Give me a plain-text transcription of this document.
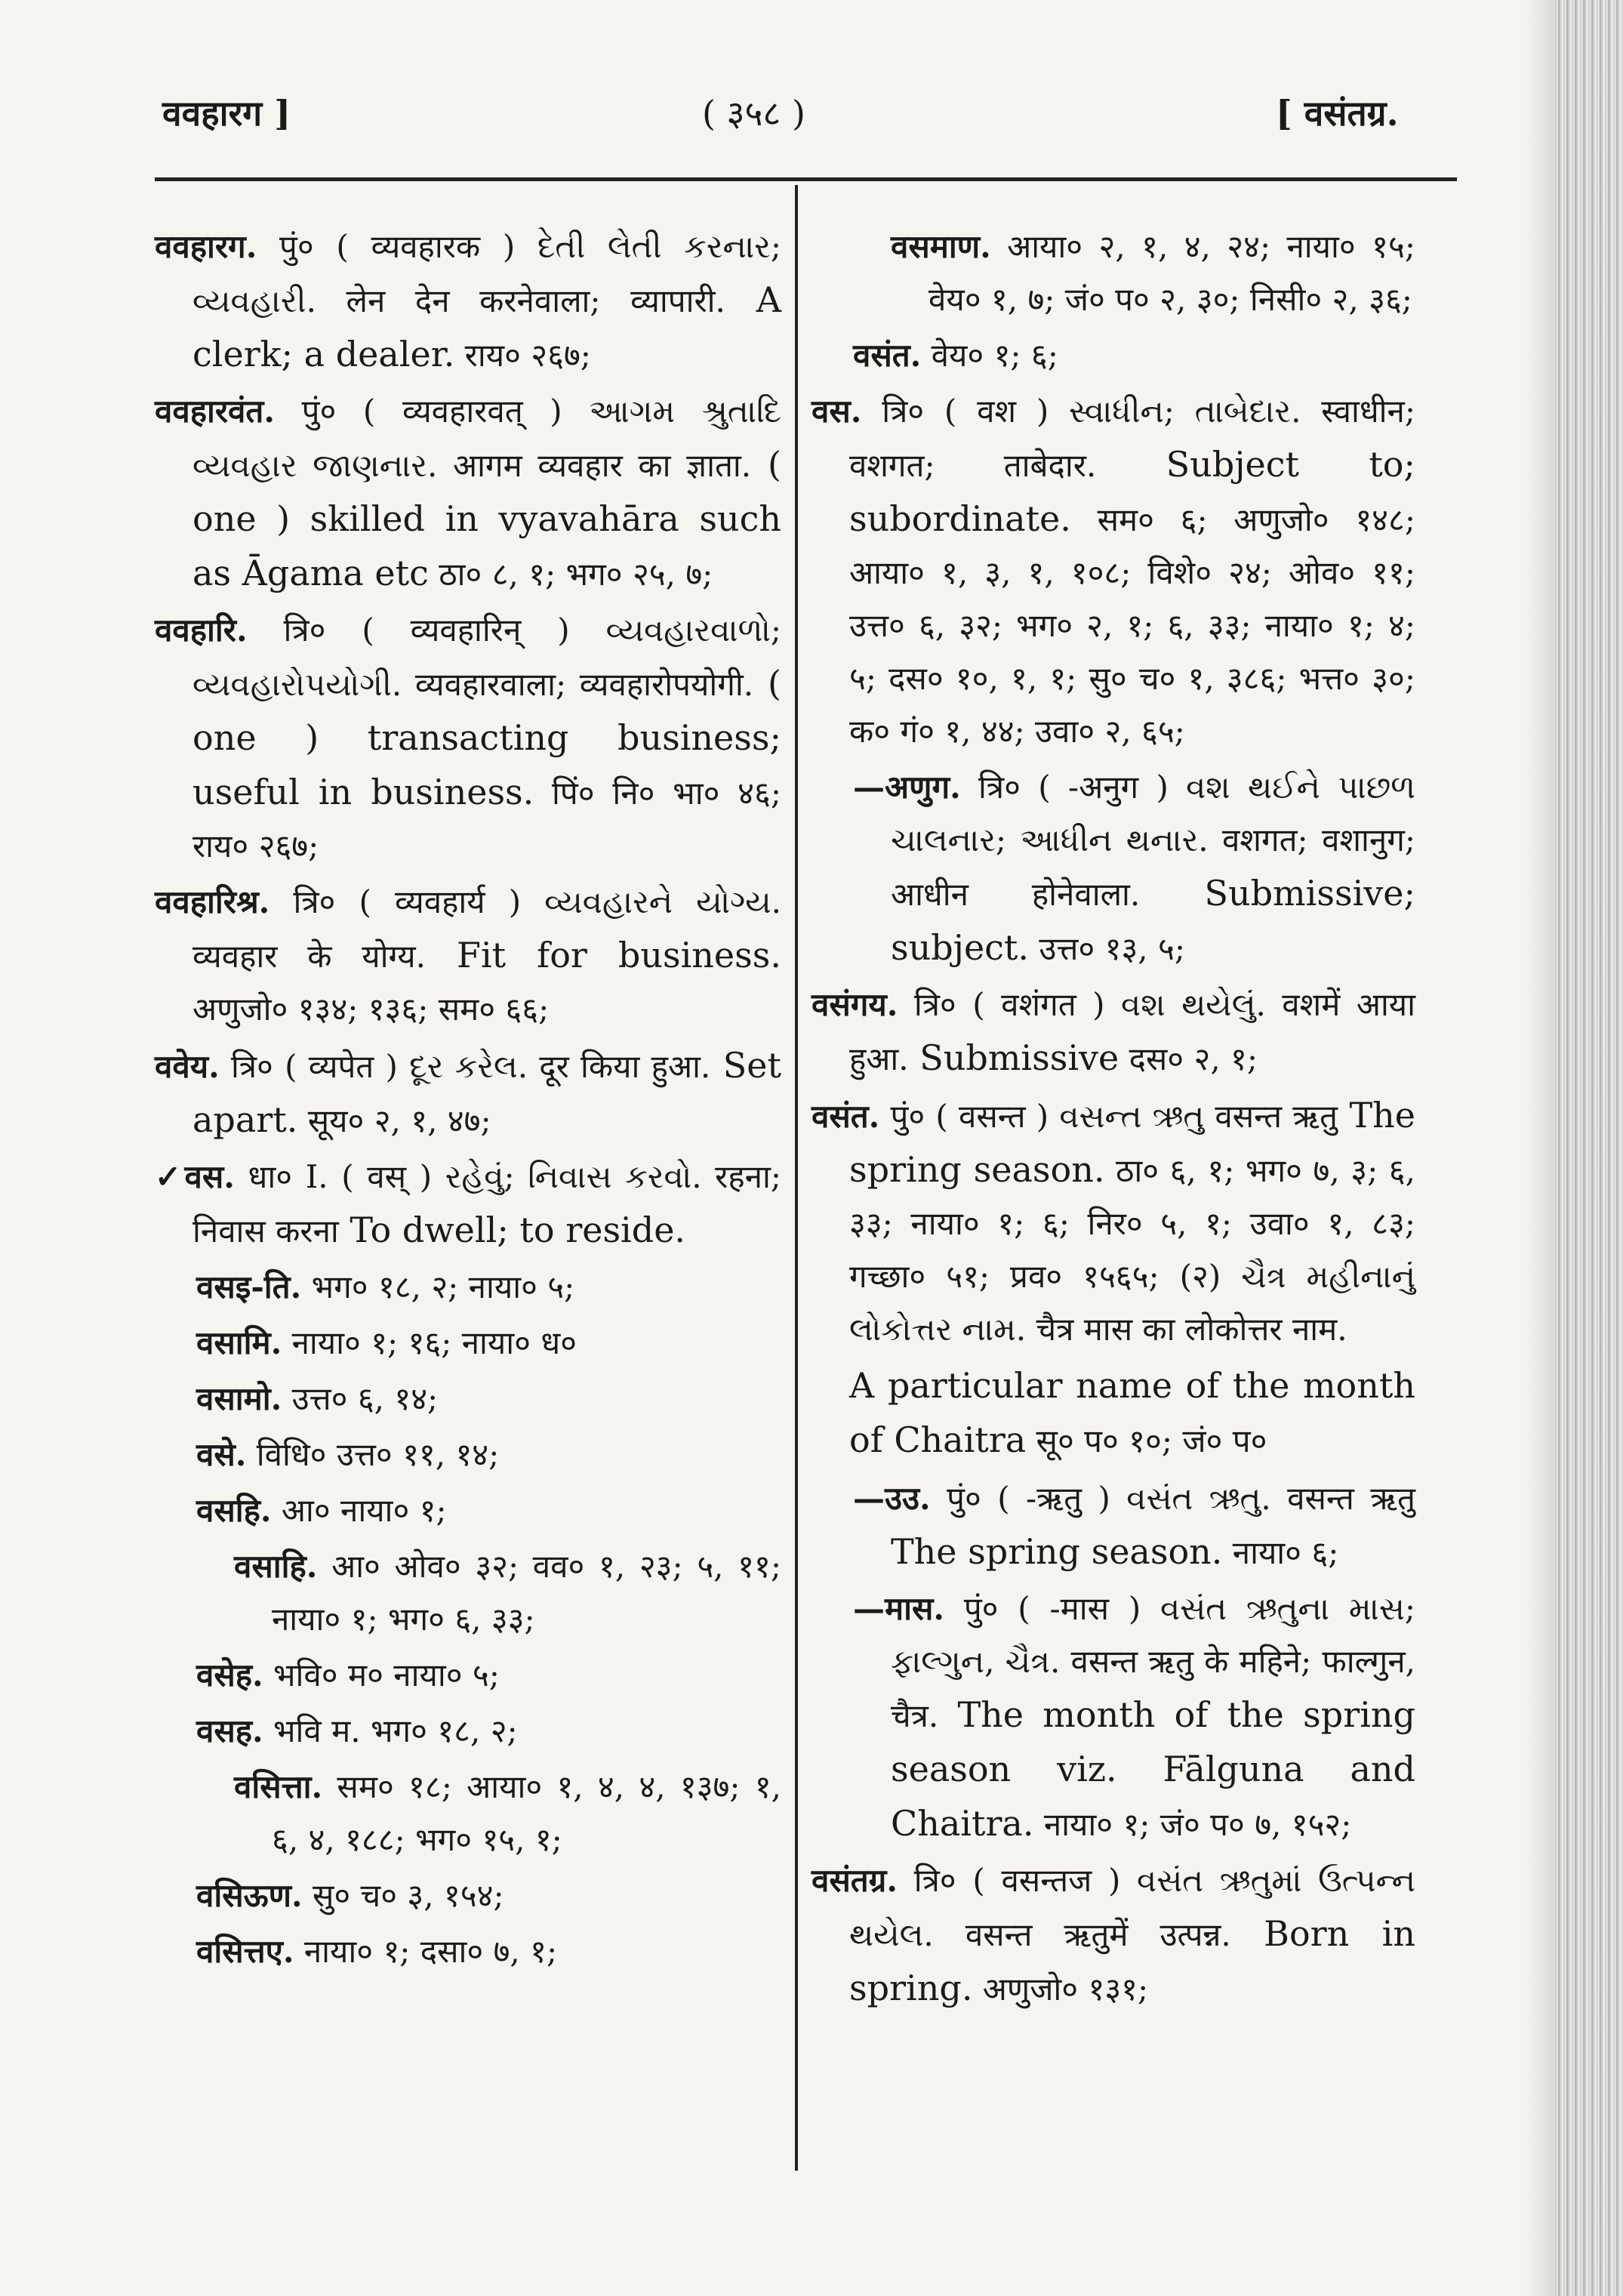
ववहारग ]	( ३५८ )	[ वसंतग्र.
ववहारग. पुं० ( व्यवहारक ) દેતી લેતી કરનાર; વ્યવહારી. लेन देन करनेवाला; व्यापारी. A clerk; a dealer. राय० २६७;
ववहारवंत. पुं० ( व्यवहारवत् ) આગમ શ્રુતાદિ વ્યવહાર જાણનાર. आगम व्यवहार का ज्ञाता. ( one ) skilled in vyavahāra such as Āgama etc ठा० ८, १; भग० २५, ७;
ववहारि. त्रि० ( व्यवहारिन् ) વ્યવહારવાળો; વ્યવહારોપયોગી. व्यवहारवाला; व्यवहारोपयोगी. ( one ) transacting business; useful in business. पिं० नि० भा० ४६; राय० २६७;
ववहारिश्र. त्रि० ( व्यवहार्य ) વ્યવહારને યોગ્ય. व्यवहार के योग्य. Fit for business. अणुजो० १३४; १३६; सम० ६६;
ववेय. त्रि० ( व्यपेत ) દૂર કરેલ. दूर किया हुआ. Set apart. सूय० २, १, ४७;
✓वस. धा० I. ( वस् ) રહેવું; નિવાસ કરવો. रहना; निवास करना To dwell; to reside.
वसइ-ति. भग० १८, २; नाया० ५;
वसामि. नाया० १; १६; नाया० ध०
वसामो. उत्त० ६, १४;
वसे. विधि० उत्त० ११, १४;
वसहि. आ० नाया० १;
वसाहि. आ० ओव० ३२; वव० १, २३; ५, ११; नाया० १; भग० ६, ३३;
वसेह. भवि० म० नाया० ५;
वसह. भवि म. भग० १८, २;
वसित्ता. सम० १८; आया० १, ४, ४, १३७; १, ६, ४, १८८; भग० १५, १;
वसिऊण. सु० च० ३, १५४;
वसित्तए. नाया० १; दसा० ७, १;
वसमाण. आया० २, १, ४, २४; नाया० १५; वेय० १, ७; जं० प० २, ३०; निसी० २, ३६;
वसंत. वेय० १; ६;
वस. त्रि० ( वश ) સ્વાધીન; તાબેદાર. स्वाधीन; वशगत; ताबेदार. Subject to; subordinate. सम० ६; अणुजो० १४८; आया० १, ३, १, १०८; विशे० २४; ओव० ११; उत्त० ६, ३२; भग० २, १; ६, ३३; नाया० १; ४; ५; दस० १०, १, १; सु० च० १, ३८६; भत्त० ३०; क० गं० १, ४४; उवा० २, ६५;
—अणुग. त्रि० ( -अनुग ) વશ થઈને પાછળ ચાલનાર; આધીન થનાર. वशगत; वशानुग; आधीन होनेवाला. Submissive; subject. उत्त० १३, ५;
वसंगय. त्रि० ( वशंगत ) વશ થયેલું. वशमें आया हुआ. Submissive दस० २, १;
वसंत. पुं० ( वसन्त ) વસન્ત ઋતુ वसन्त ऋतु The spring season. ठा० ६, १; भग० ७, ३; ६, ३३; नाया० १; ६; निर० ५, १; उवा० १, ८३; गच्छा० ५१; प्रव० १५६५; (२) ચૈત્ર મહીનાનું લોકોત્તર નામ. चैत्र मास का लोकोत्तर नाम.
A particular name of the month of Chaitra सू० प० १०; जं० प०
—उउ. पुं० ( -ऋतु ) વસંત ઋતુ. वसन्त ऋतु The spring season. नाया० ६;
—मास. पुं० ( -मास ) વસંત ઋતુના માસ; ફાલ્ગુન, ચૈત્ર. वसन्त ऋतु के महिने; फाल्गुन, चैत्र. The month of the spring season viz. Fālguna and Chaitra. नाया० १; जं० प० ७, १५२;
वसंतग्र. त्रि० ( वसन्तज ) વસંત ઋતુમાં ઉત્પન્ન થયેલ. वसन्त ऋतुमें उत्पन्न. Born in spring. अणुजो० १३१;
